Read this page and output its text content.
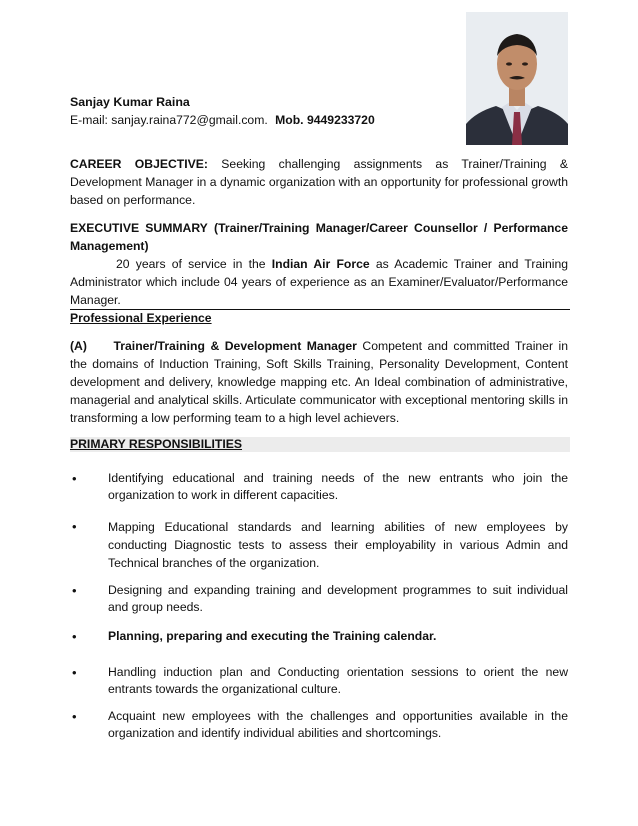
Sanjay Kumar Raina
E-mail: sanjay.raina772@gmail.com. Mob. 9449233720
CAREER OBJECTIVE: Seeking challenging assignments as Trainer/Training & Development Manager in a dynamic organization with an opportunity for professional growth based on performance.
EXECUTIVE SUMMARY (Trainer/Training Manager/Career Counsellor / Performance Management)
20 years of service in the Indian Air Force as Academic Trainer and Training Administrator which include 04 years of experience as an Examiner/Evaluator/Performance Manager.
Professional Experience
(A) Trainer/Training & Development Manager Competent and committed Trainer in the domains of Induction Training, Soft Skills Training, Personality Development, Content development and delivery, knowledge mapping etc. An Ideal combination of administrative, managerial and analytical skills. Articulate communicator with exceptional mentoring skills in transforming a low performing team to a high level achievers.
PRIMARY RESPONSIBILITIES
•	Identifying educational and training needs of the new entrants who join the organization to work in different capacities.
•	Mapping Educational standards and learning abilities of new employees by conducting Diagnostic tests to assess their employability in various Admin and Technical branches of the organization.
•	Designing and expanding training and development programmes to suit individual and group needs.
•	Planning, preparing and executing the Training calendar.
•	Handling induction plan and Conducting orientation sessions to orient the new entrants towards the organizational culture.
•	Acquaint new employees with the challenges and opportunities available in the organization and identify individual abilities and shortcomings.
